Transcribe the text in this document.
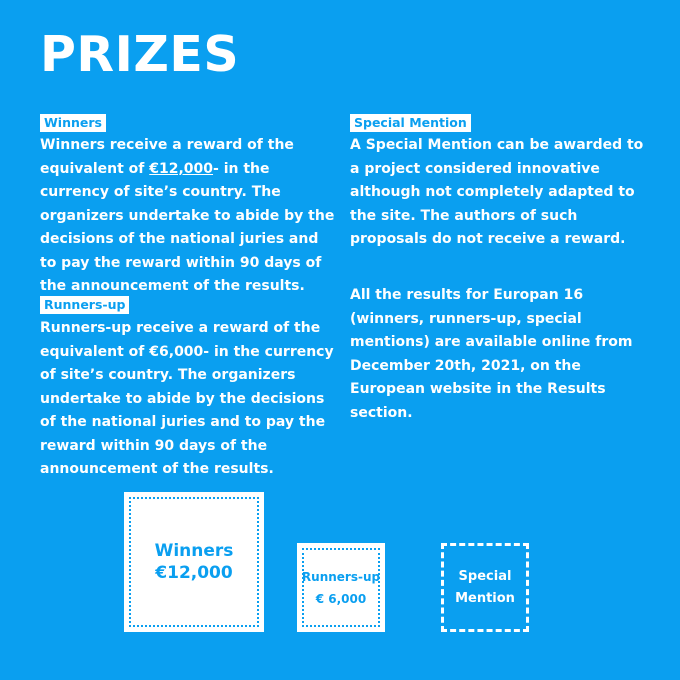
PRIZES
Winners

Winners receive a reward of the equivalent of €12,000- in the currency of site’s country. The organizers undertake to abide by the decisions of the national juries and to pay the reward within 90 days of the announcement of the results.

Runners-up

Runners-up receive a reward of the equivalent of €6,000- in the currency of site’s country. The organizers undertake to abide by the decisions of the national juries and to pay the reward within 90 days of the announcement of the results.

Special Mention

A Special Mention can be awarded to a project considered innovative although not completely adapted to the site. The authors of such proposals do not receive a reward.

All the results for Europan 16 (winners, runners-up, special mentions) are available online from December 20th, 2021, on the European website in the Results section.

Winners
€12,000	Runners-up
€ 6,000
Special
Mention
